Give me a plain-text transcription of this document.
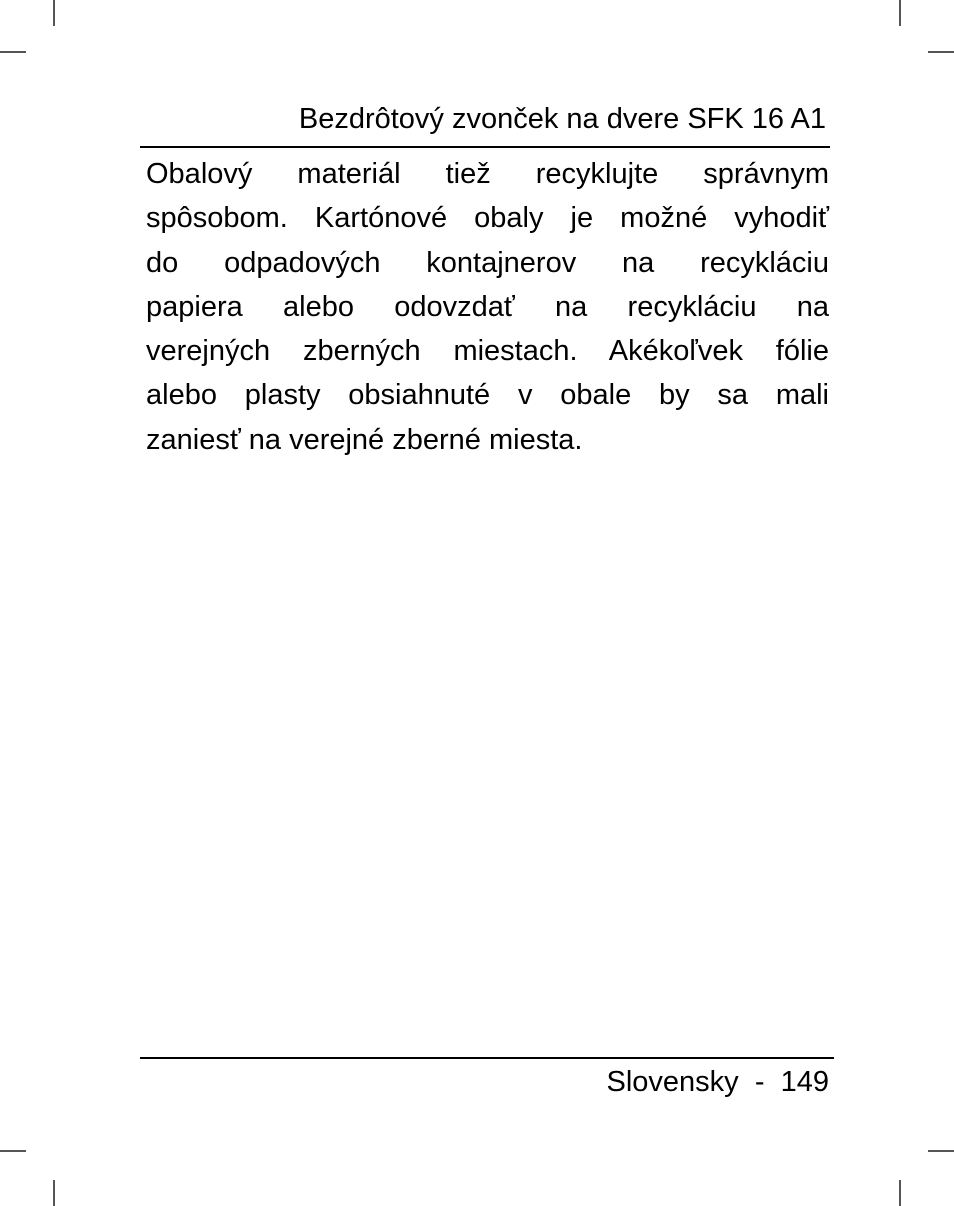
Bezdrôtový zvonček na dvere SFK 16 A1
Obalový materiál tiež recyklujte správnym
spôsobom. Kartónové obaly je možné vyhodiť
do odpadových kontajnerov na recykláciu
papiera alebo odovzdať na recykláciu na
verejných zberných miestach. Akékoľvek fólie
alebo plasty obsiahnuté v obale by sa mali
zaniesť na verejné zberné miesta.
Slovensky - 149
